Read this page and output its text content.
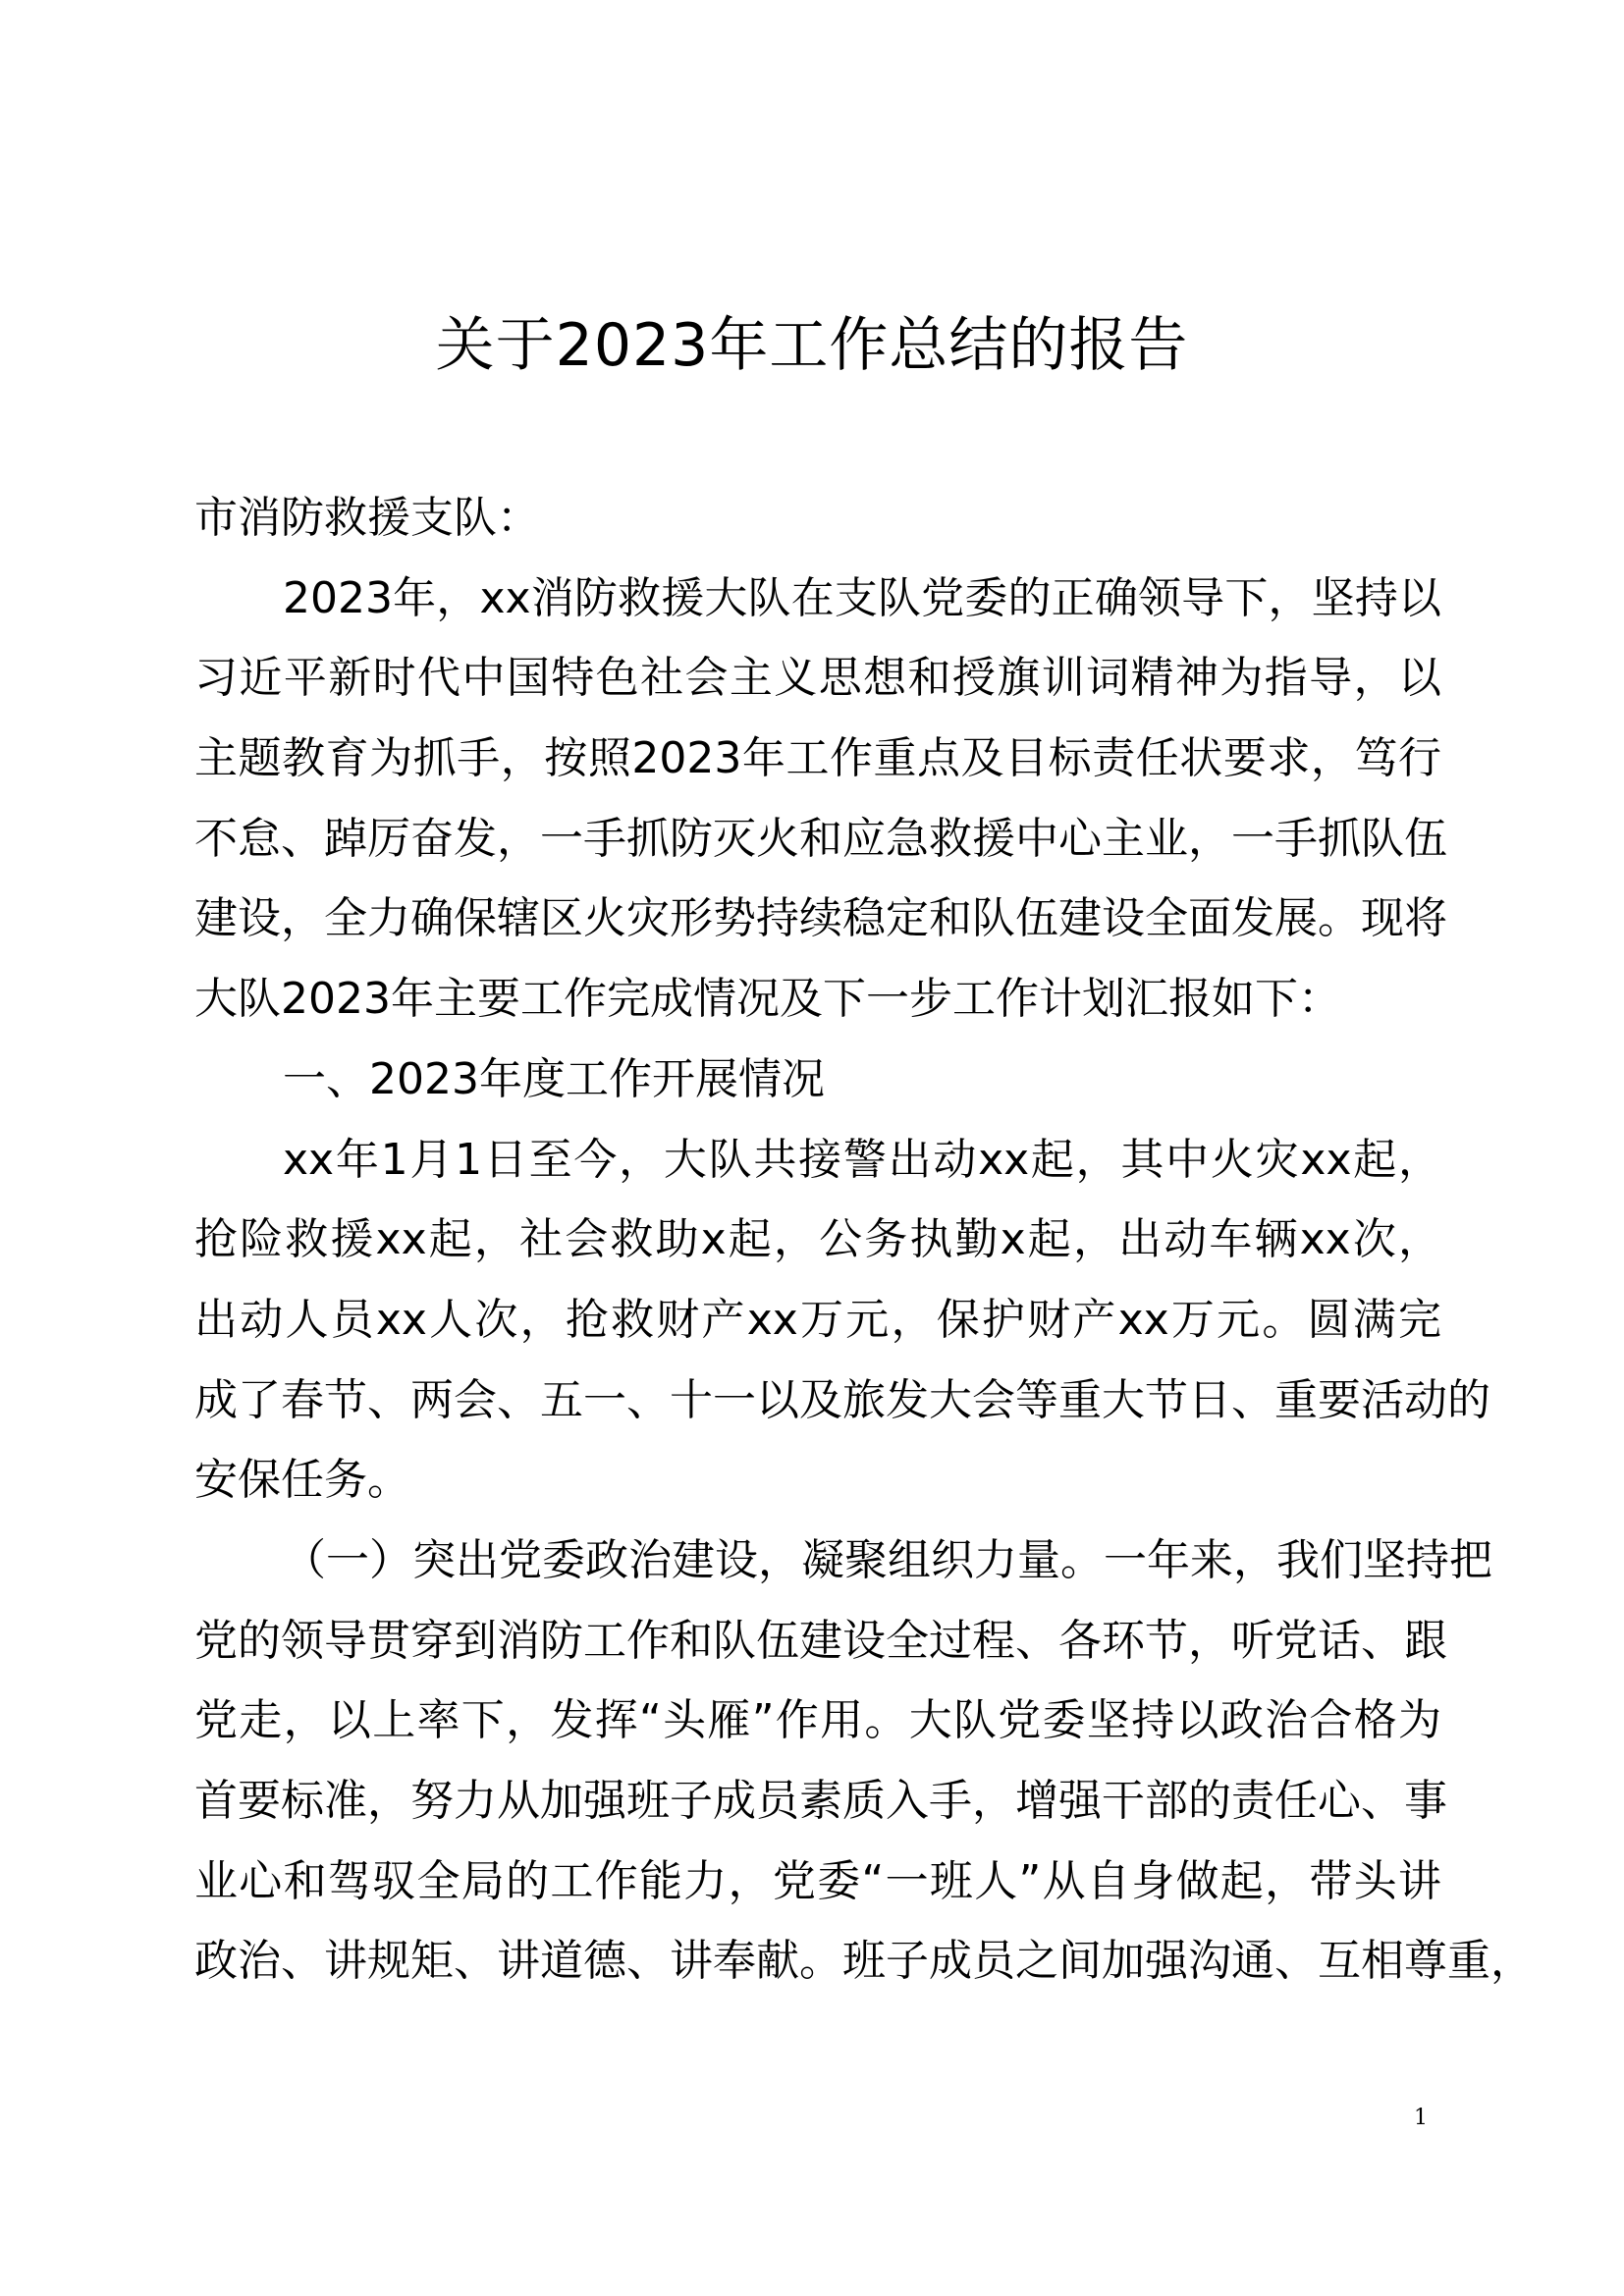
关于2023年工作总结的报告
市消防救援支队：
2023年，xx消防救援大队在支队党委的正确领导下，坚持以
习近平新时代中国特色社会主义思想和授旗训词精神为指导，以
主题教育为抓手，按照2023年工作重点及目标责任状要求，笃行
不怠、踔厉奋发，一手抓防灭火和应急救援中心主业，一手抓队伍
建设，全力确保辖区火灾形势持续稳定和队伍建设全面发展。现将
大队2023年主要工作完成情况及下一步工作计划汇报如下：
一、2023年度工作开展情况
xx年1月1日至今，大队共接警出动xx起，其中火灾xx起，
抢险救援xx起，社会救助x起，公务执勤x起，出动车辆xx次，
出动人员xx人次，抢救财产xx万元，保护财产xx万元。圆满完
成了春节、两会、五一、十一以及旅发大会等重大节日、重要活动的
安保任务。
（一）突出党委政治建设，凝聚组织力量。一年来，我们坚持把
党的领导贯穿到消防工作和队伍建设全过程、各环节，听党话、跟
党走，以上率下，发挥“头雁”作用。大队党委坚持以政治合格为
首要标准，努力从加强班子成员素质入手，增强干部的责任心、事
业心和驾驭全局的工作能力，党委“一班人”从自身做起，带头讲
政治、讲规矩、讲道德、讲奉献。班子成员之间加强沟通、互相尊重，
1
